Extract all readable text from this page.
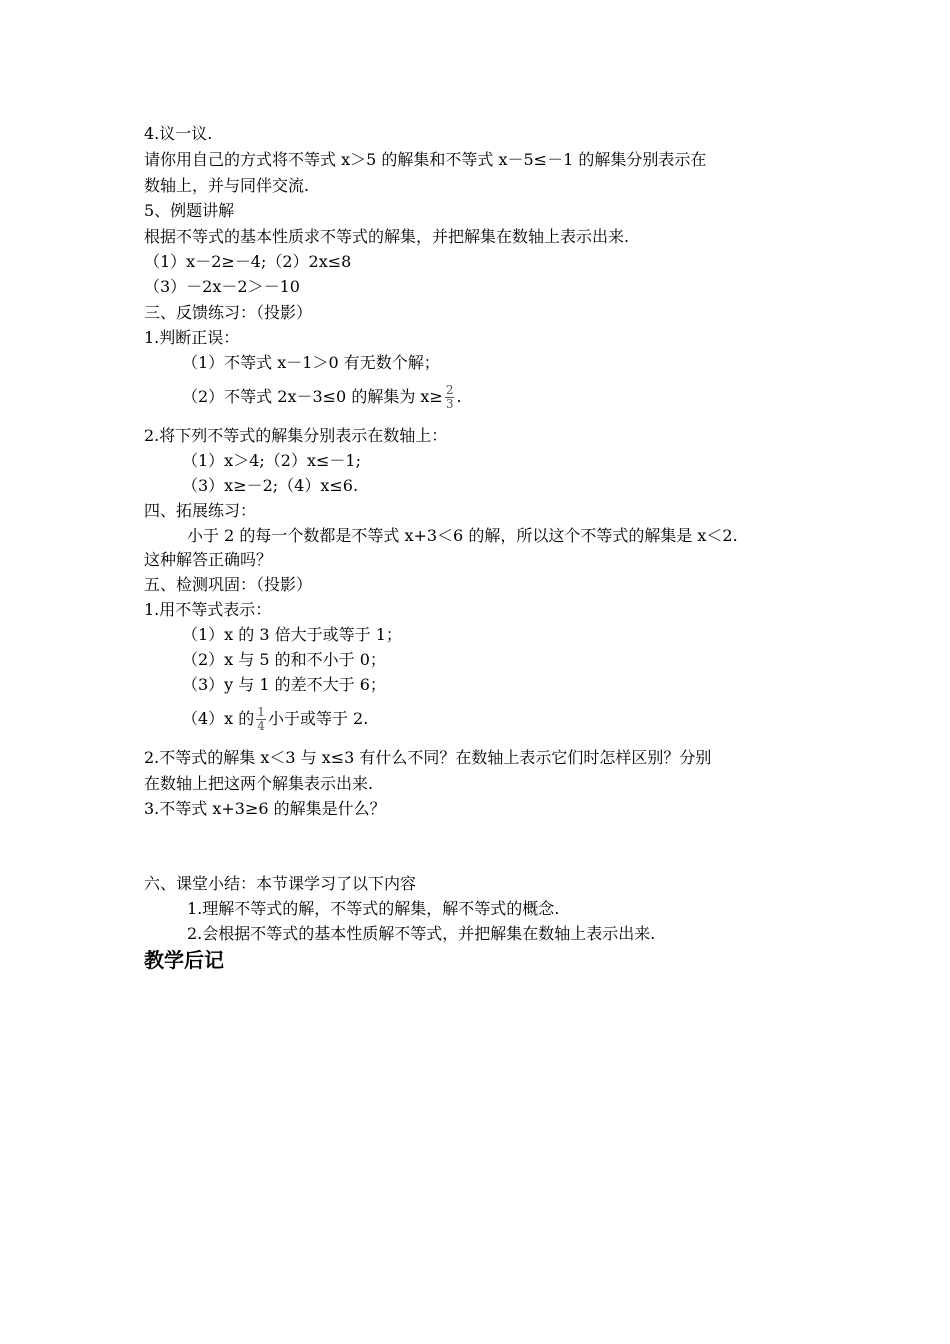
4.议一议.
请你用自己的方式将不等式 x＞5 的解集和不等式 x－5≤－1 的解集分别表示在
数轴上，并与同伴交流.
5、例题讲解
根据不等式的基本性质求不等式的解集，并把解集在数轴上表示出来.
（1）x－2≥－4;（2）2x≤8
（3）－2x－2＞－10
三、反馈练习：（投影）
1.判断正误：
（1）不等式 x－1＞0 有无数个解；
（2）不等式 2x－3≤0 的解集为 $x\ge \frac{2}{3}$ .
2.将下列不等式的解集分别表示在数轴上：
（1）x＞4;（2）x≤－1;
（3）x≥－2;（4）x≤6.
四、拓展练习：
小于 2 的每一个数都是不等式 x+3＜6 的解，所以这个不等式的解集是 x＜2.
这种解答正确吗？
五、检测巩固：（投影）
1.用不等式表示：
（1）x 的 3 倍大于或等于 1；
（2）x 与 5 的和不小于 0；
（3）y 与 1 的差不大于 6；
（4）x 的 $\frac{1}{4}$ 小于或等于 2.
2.不等式的解集 x＜3 与 x≤3 有什么不同？在数轴上表示它们时怎样区别？分别
在数轴上把这两个解集表示出来.
3.不等式 x+3≥6 的解集是什么？
六、课堂小结：本节课学习了以下内容
1.理解不等式的解，不等式的解集，解不等式的概念.
2.会根据不等式的基本性质解不等式，并把解集在数轴上表示出来.
教学后记
